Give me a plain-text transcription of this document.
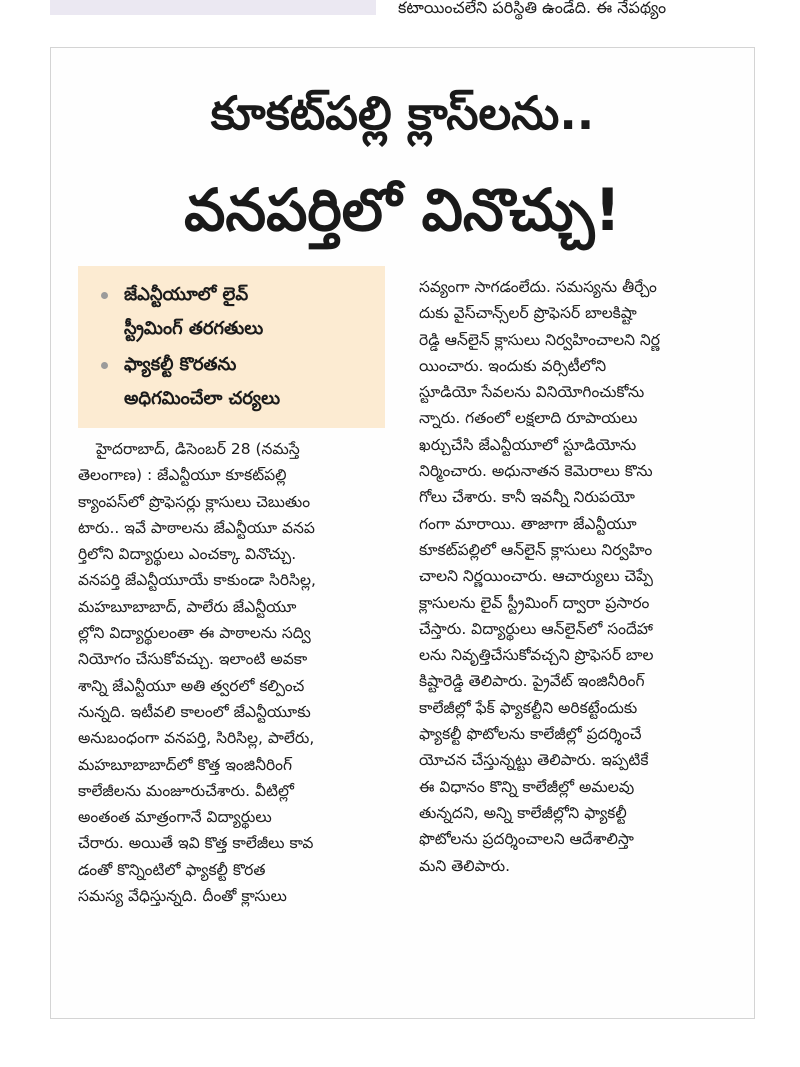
కటాయించలేని పరిస్థితి ఉండేది. ఈ నేపథ్యం
కూకట్‌పల్లి క్లాస్‌లను..
వనపర్తిలో వినొచ్చు!
జేఎన్టీయూలో లైవ్
స్ట్రీమింగ్ తరగతులు
ఫ్యాకల్టీ కొరతను
అధిగమించేలా చర్యలు
హైదరాబాద్, డిసెంబర్ 28 (నమస్తే
తెలంగాణ) : జేఎన్టీయూ కూకట్‌పల్లి
క్యాంపస్‌లో ప్రొఫెసర్లు క్లాసులు చెబుతుం
టారు.. ఇవే పాఠాలను జేఎన్టీయూ వనప
ర్తిలోని విద్యార్థులు ఎంచక్కా వినొచ్చు.
వనపర్తి జేఎన్టీయూయే కాకుండా సిరిసిల్ల,
మహబూబాబాద్, పాలేరు జేఎన్టీయూ
ల్లోని విద్యార్థులంతా ఈ పాఠాలను సద్వి
నియోగం చేసుకోవచ్చు. ఇలాంటి అవకా
శాన్ని జేఎన్టీయూ అతి త్వరలో కల్పించ
నున్నది. ఇటీవలి కాలంలో జేఎన్టీయూకు
అనుబంధంగా వనపర్తి, సిరిసిల్ల, పాలేరు,
మహబూబాబాద్‌లో కొత్త ఇంజినీరింగ్
కాలేజీలను మంజూరుచేశారు. వీటిల్లో
అంతంత మాత్రంగానే విద్యార్థులు
చేరారు. అయితే ఇవి కొత్త కాలేజీలు కావ
డంతో కొన్నింటిలో ఫ్యాకల్టీ కొరత
సమస్య వేధిస్తున్నది. దీంతో క్లాసులు
సవ్యంగా సాగడంలేదు. సమస్యను తీర్చేం
దుకు వైస్‌చాన్స్‌లర్ ప్రొఫెసర్ బాలకిష్టా
రెడ్డి ఆన్‌లైన్ క్లాసులు నిర్వహించాలని నిర్ణ
యించారు. ఇందుకు వర్సిటీలోని
స్టూడియో సేవలను వినియోగించుకోను
న్నారు. గతంలో లక్షలాది రూపాయలు
ఖర్చుచేసి జేఎన్టీయూలో స్టూడియోను
నిర్మించారు. అధునాతన కెమెరాలు కొను
గోలు చేశారు. కానీ ఇవన్నీ నిరుపయో
గంగా మారాయి. తాజాగా జేఎన్టీయూ
కూకట్‌పల్లిలో ఆన్‌లైన్ క్లాసులు నిర్వహిం
చాలని నిర్ణయించారు. ఆచార్యులు చెప్పే
క్లాసులను లైవ్ స్ట్రీమింగ్ ద్వారా ప్రసారం
చేస్తారు. విద్యార్థులు ఆన్‌లైన్‌లో సందేహా
లను నివృత్తిచేసుకోవచ్చని ప్రొఫెసర్ బాల
కిష్టారెడ్డి తెలిపారు. ప్రైవేట్ ఇంజినీరింగ్
కాలేజీల్లో ఫేక్ ఫ్యాకల్టీని అరికట్టేందుకు
ఫ్యాకల్టీ ఫొటోలను కాలేజీల్లో ప్రదర్శించే
యోచన చేస్తున్నట్టు తెలిపారు. ఇప్పటికే
ఈ విధానం కొన్ని కాలేజీల్లో అమలవు
తున్నదని, అన్ని కాలేజీల్లోని ఫ్యాకల్టీ
ఫొటోలను ప్రదర్శించాలని ఆదేశాలిస్తా
మని తెలిపారు.
